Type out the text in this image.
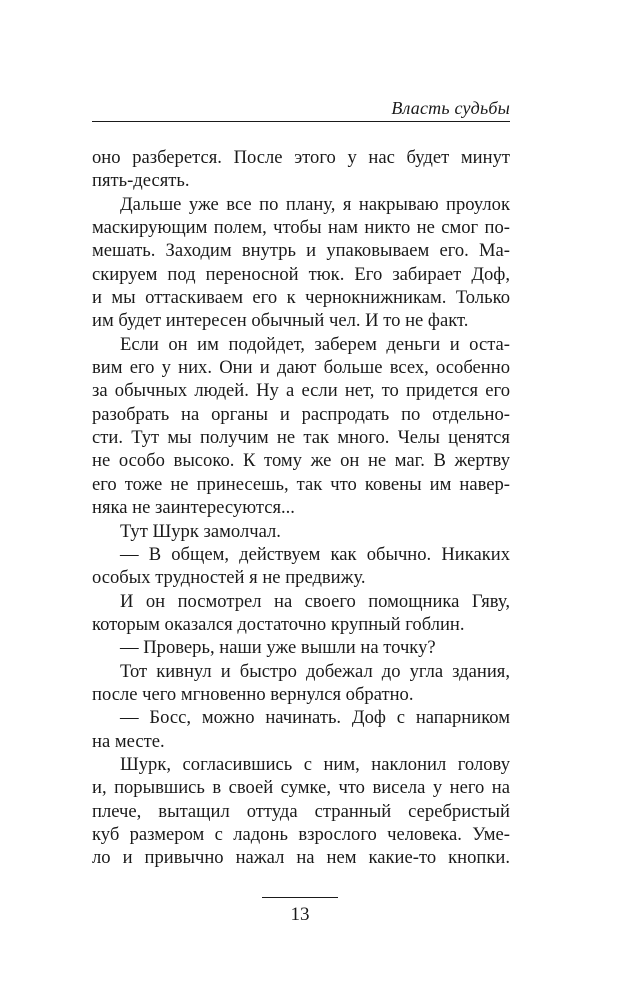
Власть судьбы
оно разберется. После этого у нас будет минут
пять-десять.
Дальше уже все по плану, я накрываю проулок
маскирующим полем, чтобы нам никто не смог по-
мешать. Заходим внутрь и упаковываем его. Ма-
скируем под переносной тюк. Его забирает Доф,
и мы оттаскиваем его к чернокнижникам. Только
им будет интересен обычный чел. И то не факт.
Если он им подойдет, заберем деньги и оста-
вим его у них. Они и дают больше всех, особенно
за обычных людей. Ну а если нет, то придется его
разобрать на органы и распродать по отдельно-
сти. Тут мы получим не так много. Челы ценятся
не особо высоко. К тому же он не маг. В жертву
его тоже не принесешь, так что ковены им навер-
няка не заинтересуются...
Тут Шурк замолчал.
— В общем, действуем как обычно. Никаких
особых трудностей я не предвижу.
И он посмотрел на своего помощника Гяву,
которым оказался достаточно крупный гоблин.
— Проверь, наши уже вышли на точку?
Тот кивнул и быстро добежал до угла здания,
после чего мгновенно вернулся обратно.
— Босс, можно начинать. Доф с напарником
на месте.
Шурк, согласившись с ним, наклонил голову
и, порывшись в своей сумке, что висела у него на
плече, вытащил оттуда странный серебристый
куб размером с ладонь взрослого человека. Уме-
ло и привычно нажал на нем какие-то кнопки.
13
